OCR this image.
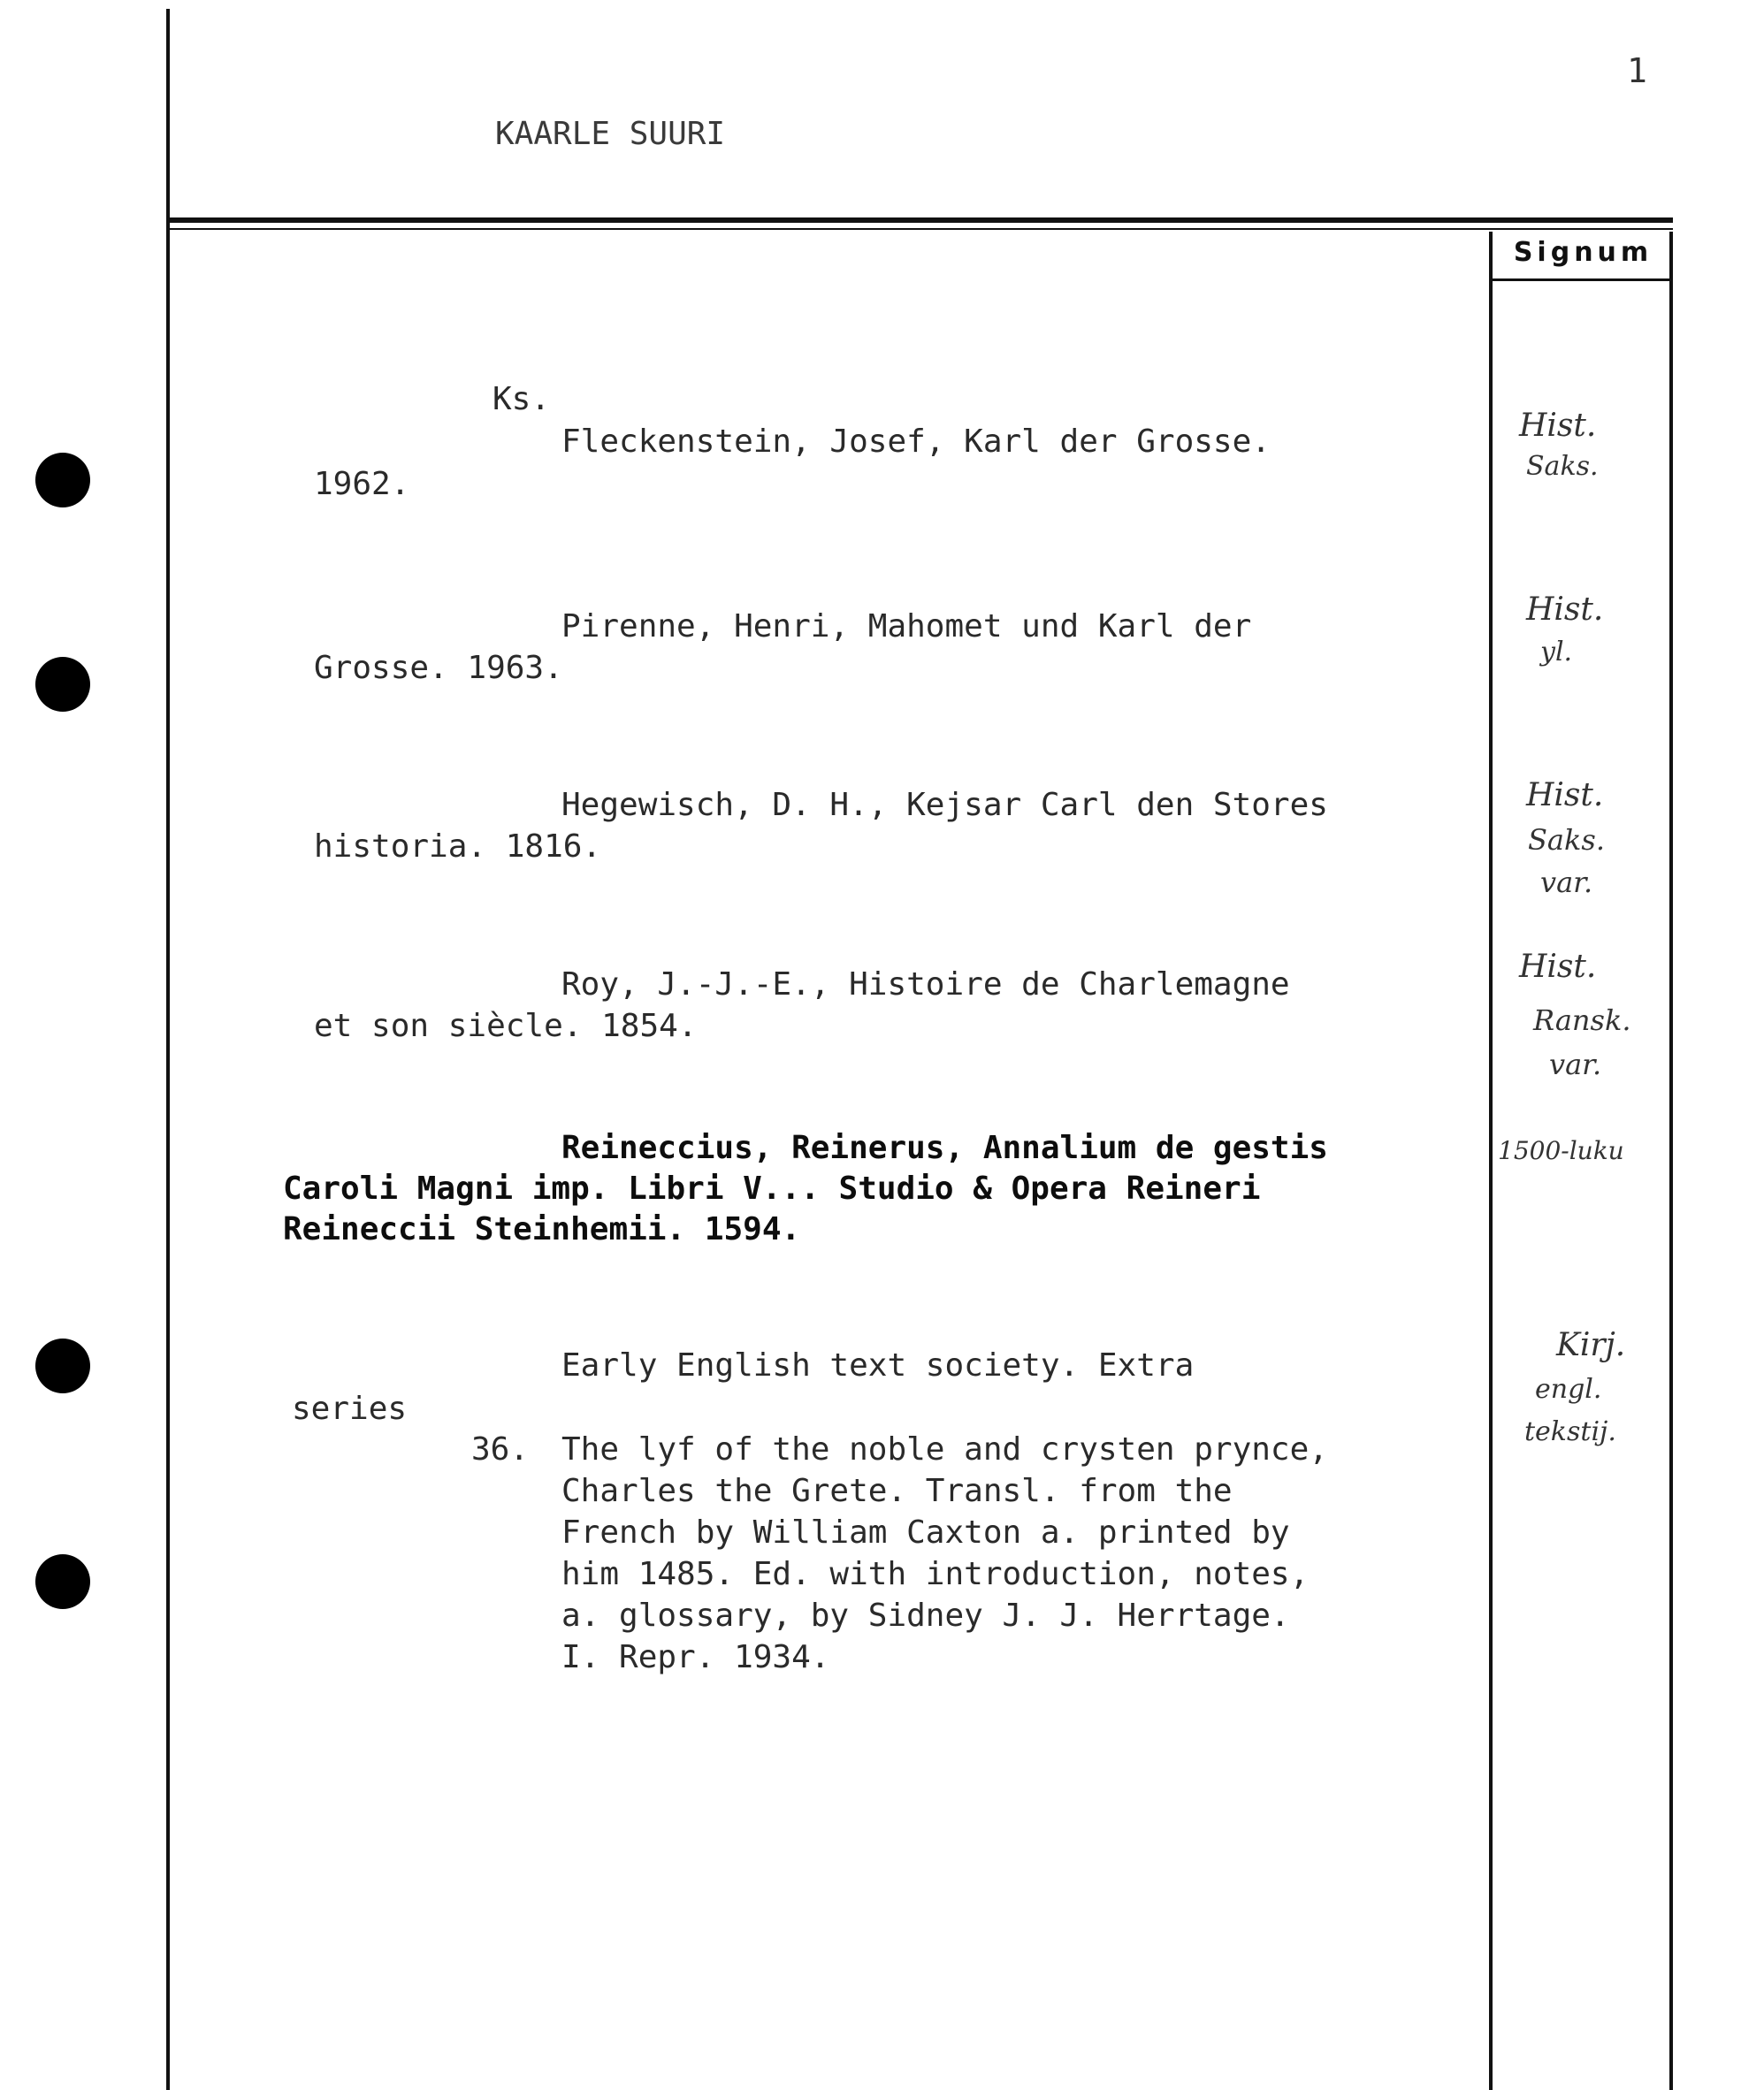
1
KAARLE SUURI
Signum
Ks.
Fleckenstein, Josef, Karl der Grosse.
1962.
Hist.
Saks.
Pirenne, Henri, Mahomet und Karl der
Grosse. 1963.
Hist.
yl.
Hegewisch, D. H., Kejsar Carl den Stores
historia. 1816.
Hist.
Saks.
var.
Roy, J.-J.-E., Histoire de Charlemagne
et son siècle. 1854.
Hist.
Ransk.
var.
Reineccius, Reinerus, Annalium de gestis
Caroli Magni imp. Libri V... Studio & Opera Reineri
Reineccii Steinhemii. 1594.
1500-luku
Early English text society. Extra
series
36. The lyf of the noble and crysten prynce,
Charles the Grete. Transl. from the
French by William Caxton a. printed by
him 1485. Ed. with introduction, notes,
a. glossary, by Sidney J. J. Herrtage.
I. Repr. 1934.
Kirj.
engl.
tekstij.
